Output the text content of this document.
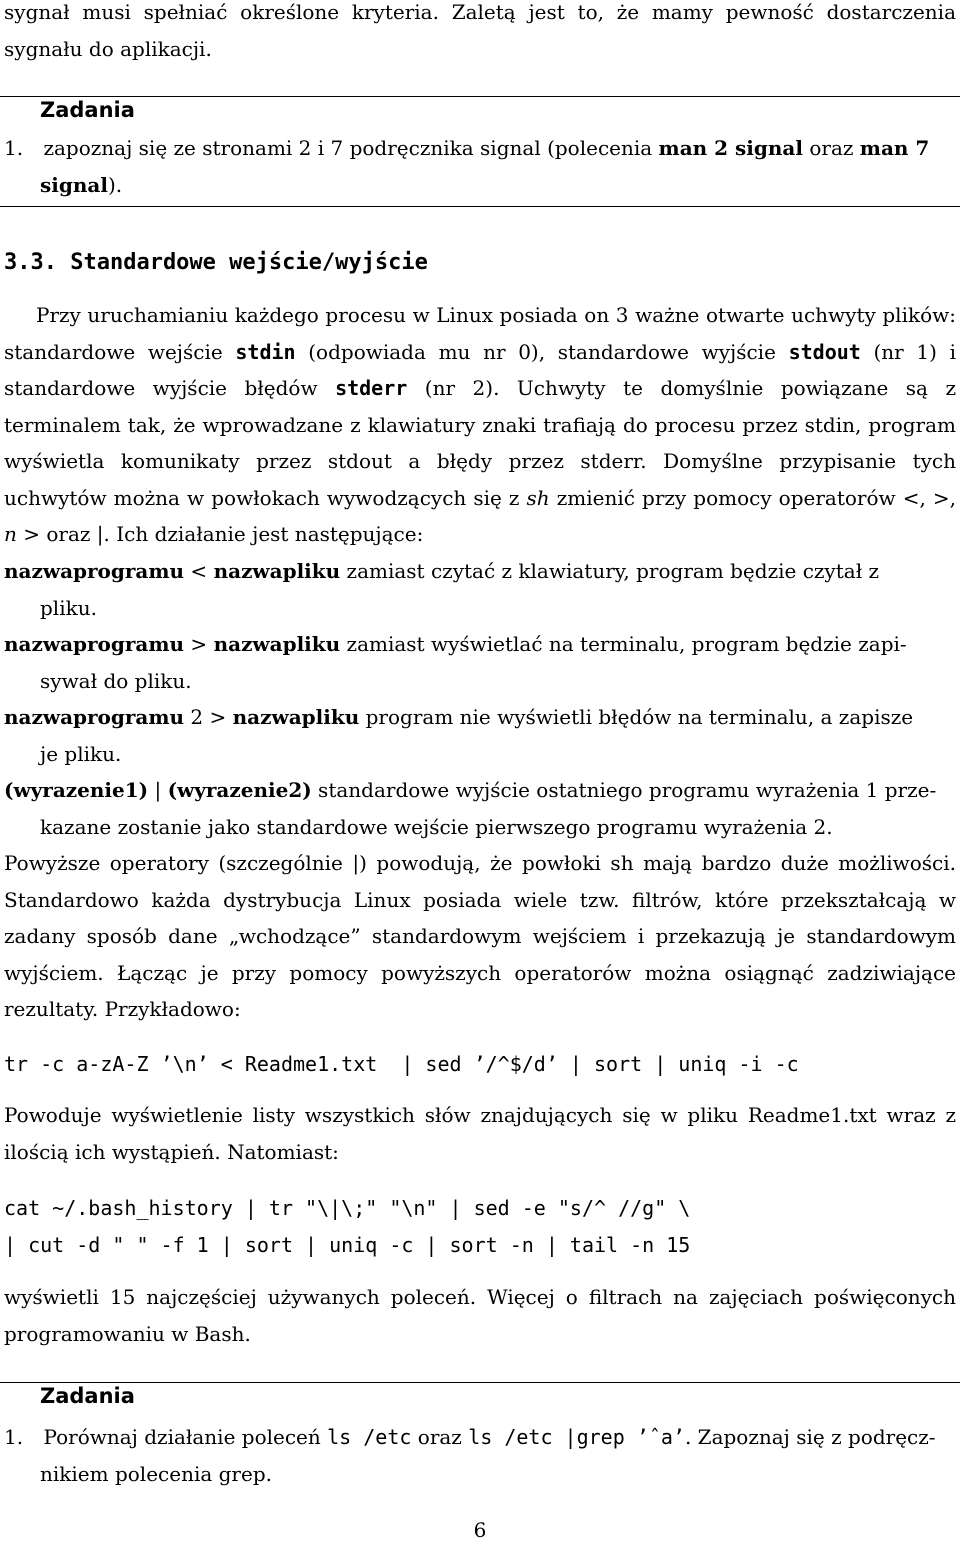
sygnał musi spełniać określone kryteria. Zaletą jest to, że mamy pewność dostarczenia
sygnału do aplikacji.
Zadania
1. zapoznaj się ze stronami 2 i 7 podręcznika signal (polecenia man 2 signal oraz man 7
signal).
3.3. Standardowe wejście/wyjście
Przy uruchamianiu każdego procesu w Linux posiada on 3 ważne otwarte uchwyty plików: standardowe wejście stdin (odpowiada mu nr 0), standardowe wyjście stdout (nr 1) i standardowe wyjście błędów stderr (nr 2). Uchwyty te domyślnie powiązane są z terminalem tak, że wprowadzane z klawiatury znaki trafiają do procesu przez stdin, program wyświetla komunikaty przez stdout a błędy przez stderr. Domyślne przypisanie tych uchwytów można w powłokach wywodzących się z sh zmienić przy pomocy operatorów <, >, n > oraz |. Ich działanie jest następujące:
nazwaprogramu < nazwapliku zamiast czytać z klawiatury, program będzie czytał z
pliku.
nazwaprogramu > nazwapliku zamiast wyświetlać na terminalu, program będzie zapi-
sywał do pliku.
nazwaprogramu 2 > nazwapliku program nie wyświetli błędów na terminalu, a zapisze
je pliku.
(wyrazenie1) | (wyrazenie2) standardowe wyjście ostatniego programu wyrażenia 1 prze-
kazane zostanie jako standardowe wejście pierwszego programu wyrażenia 2.
Powyższe operatory (szczególnie |) powodują, że powłoki sh mają bardzo duże możliwości. Standardowo każda dystrybucja Linux posiada wiele tzw. filtrów, które przekształcają w zadany sposób dane „wchodzące” standardowym wejściem i przekazują je standardowym wyjściem. Łącząc je przy pomocy powyższych operatorów można osiągnąć zadziwiające rezultaty. Przykładowo:
tr -c a-zA-Z ’\n’ < Readme1.txt  | sed ’/^$/d’ | sort | uniq -i -c
Powoduje wyświetlenie listy wszystkich słów znajdujących się w pliku Readme1.txt wraz z ilością ich wystąpień. Natomiast:
cat ~/.bash_history | tr "\|\;" "\n" | sed -e "s/^ //g" \
| cut -d " " -f 1 | sort | uniq -c | sort -n | tail -n 15
wyświetli 15 najczęściej używanych poleceń. Więcej o filtrach na zajęciach poświęconych programowaniu w Bash.
Zadania
1. Porównaj działanie poleceń ls /etc oraz ls /etc |grep ’ˆa’. Zapoznaj się z podręcz-
nikiem polecenia grep.
6
